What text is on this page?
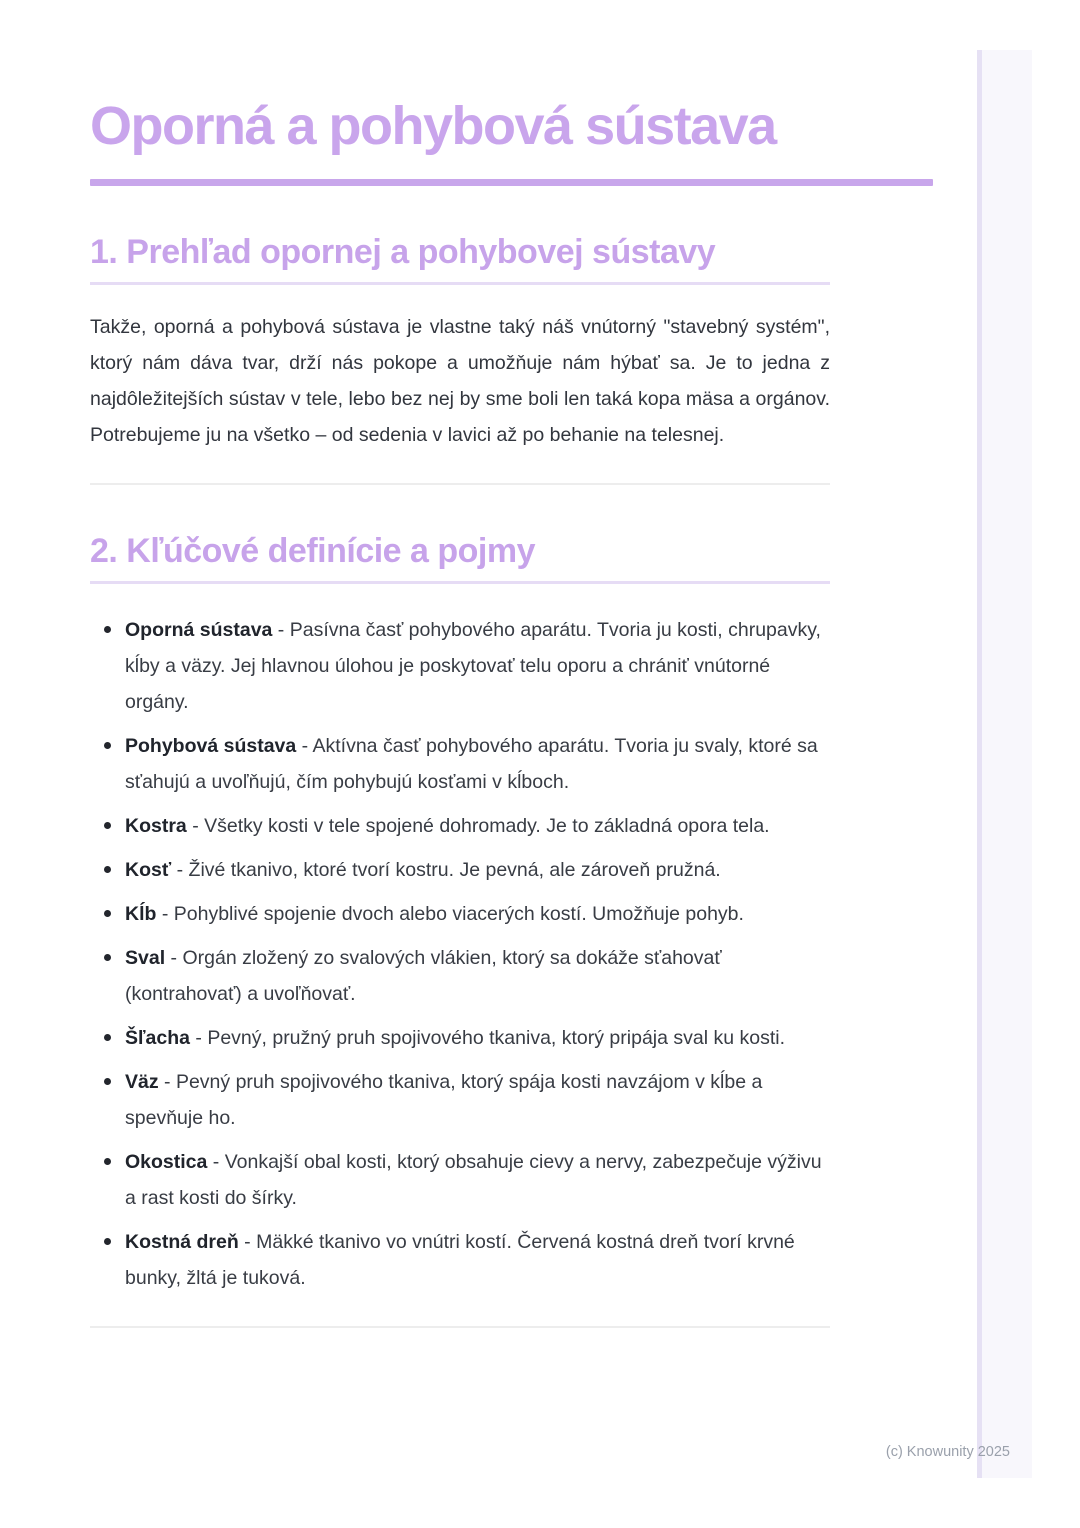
Oporná a pohybová sústava
1. Prehľad opornej a pohybovej sústavy

Takže, oporná a pohybová sústava je vlastne taký náš vnútorný "stavebný systém", ktorý nám dáva tvar, drží nás pokope a umožňuje nám hýbať sa. Je to jedna z najdôležitejších sústav v tele, lebo bez nej by sme boli len taká kopa mäsa a orgánov. Potrebujeme ju na všetko – od sedenia v lavici až po behanie na telesnej.

2. Kľúčové definície a pojmy
Oporná sústava - Pasívna časť pohybového aparátu. Tvoria ju kosti, chrupavky, kĺby a väzy. Jej hlavnou úlohou je poskytovať telu oporu a chrániť vnútorné orgány.
Pohybová sústava - Aktívna časť pohybového aparátu. Tvoria ju svaly, ktoré sa sťahujú a uvoľňujú, čím pohybujú kosťami v kĺboch.
Kostra - Všetky kosti v tele spojené dohromady. Je to základná opora tela.
Kosť - Živé tkanivo, ktoré tvorí kostru. Je pevná, ale zároveň pružná.
Kĺb - Pohyblivé spojenie dvoch alebo viacerých kostí. Umožňuje pohyb.
Sval - Orgán zložený zo svalových vlákien, ktorý sa dokáže sťahovať (kontrahovať) a uvoľňovať.
Šľacha - Pevný, pružný pruh spojivového tkaniva, ktorý pripája sval ku kosti.
Väz - Pevný pruh spojivového tkaniva, ktorý spája kosti navzájom v kĺbe a spevňuje ho.
Okostica - Vonkajší obal kosti, ktorý obsahuje cievy a nervy, zabezpečuje výživu a rast kosti do šírky.
Kostná dreň - Mäkké tkanivo vo vnútri kostí. Červená kostná dreň tvorí krvné bunky, žltá je tuková.
(c) Knowunity 2025
